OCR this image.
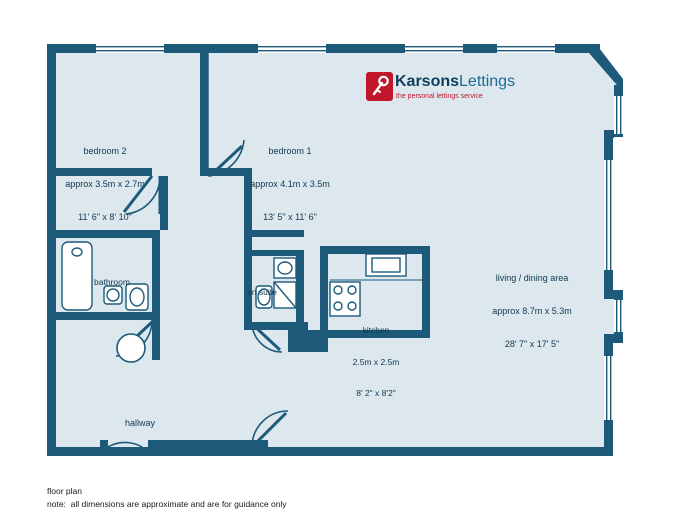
KarsonsLettings
the personal lettings service

bedroom 2

approx 3.5m x 2.7m

11' 6" x 8' 10"

bedroom 1

approx 4.1m x 3.5m

13' 5" x 11' 6"

living / dining area

approx 8.7m x 5.3m

28' 7" x 17' 5"

kitchen

2.5m x 2.5m

8' 2" x 8'2"

bathroom

en suite

hallway

floor plan
note:  all dimensions are approximate and are for guidance only
